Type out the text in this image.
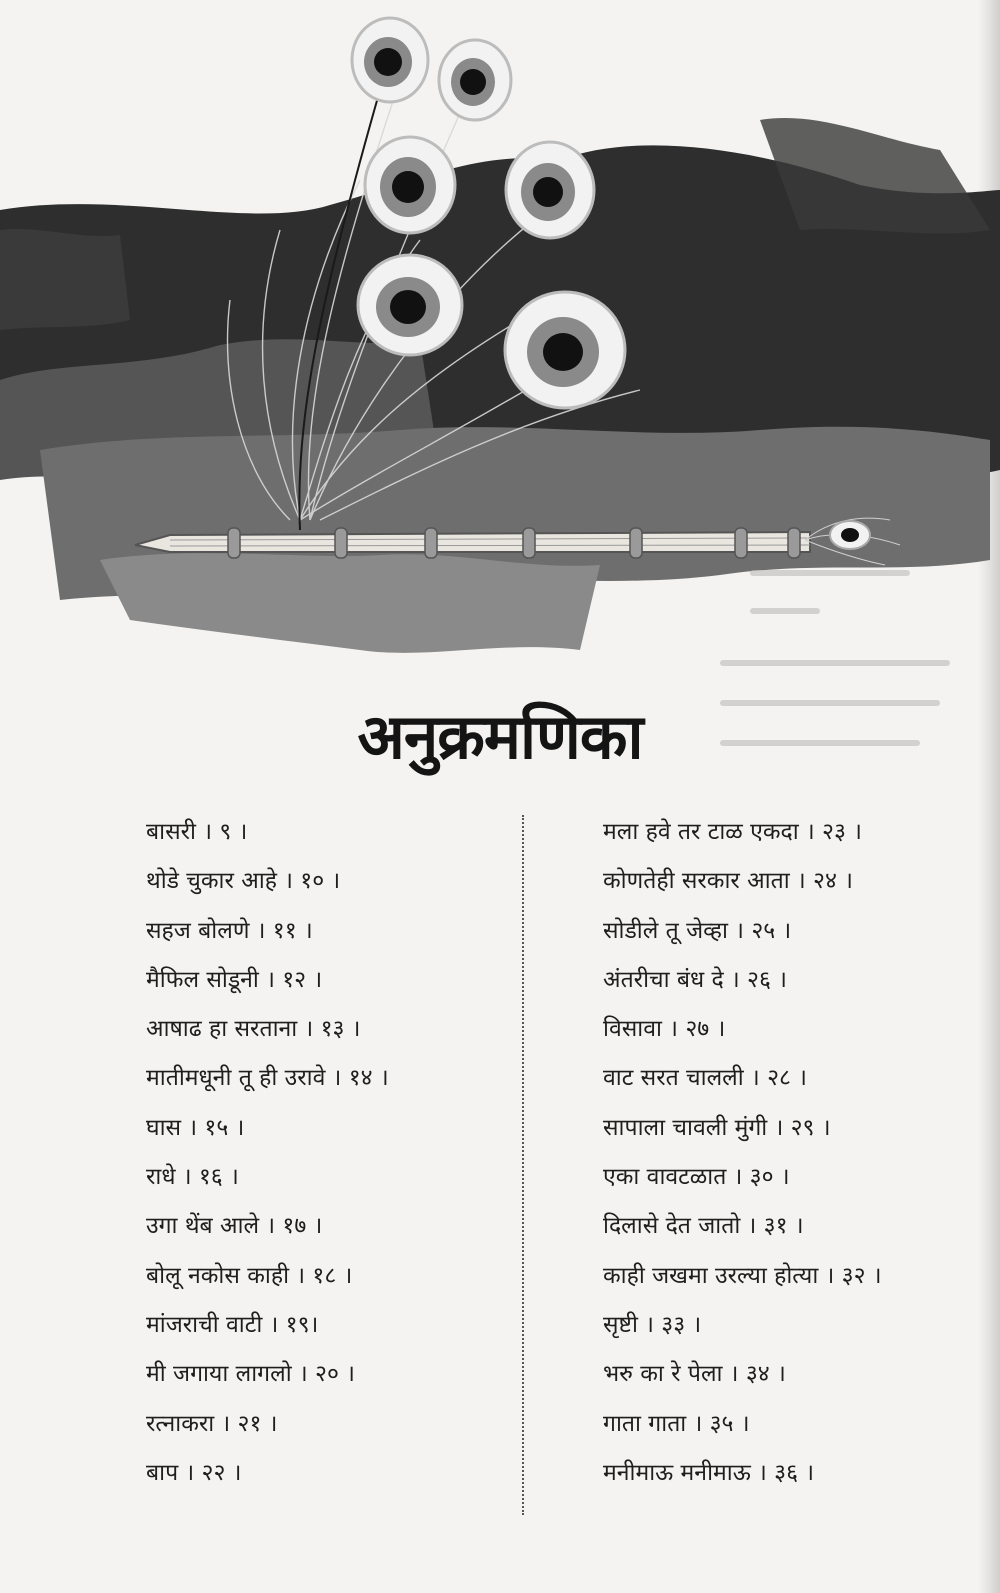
अनुक्रमणिका
बासरी । ९ ।
थोडे चुकार आहे । १० ।
सहज बोलणे । ११ ।
मैफिल सोडूनी । १२ ।
आषाढ हा सरताना । १३ ।
मातीमधूनी तू ही उरावे । १४ ।
घास । १५ ।
राधे । १६ ।
उगा थेंब आले । १७ ।
बोलू नकोस काही । १८ ।
मांजराची वाटी । १९।
मी जगाया लागलो । २० ।
रत्नाकरा । २१ ।
बाप । २२ ।
मला हवे तर टाळ एकदा । २३ ।
कोणतेही सरकार आता । २४ ।
सोडीले तू जेव्हा । २५ ।
अंतरीचा बंध दे । २६ ।
विसावा । २७ ।
वाट सरत चालली । २८ ।
सापाला चावली मुंगी । २९ ।
एका वावटळात । ३० ।
दिलासे देत जातो । ३१ ।
काही जखमा उरल्या होत्या । ३२ ।
सृष्टी । ३३ ।
भरु का रे पेला । ३४ ।
गाता गाता । ३५ ।
मनीमाऊ मनीमाऊ । ३६ ।
